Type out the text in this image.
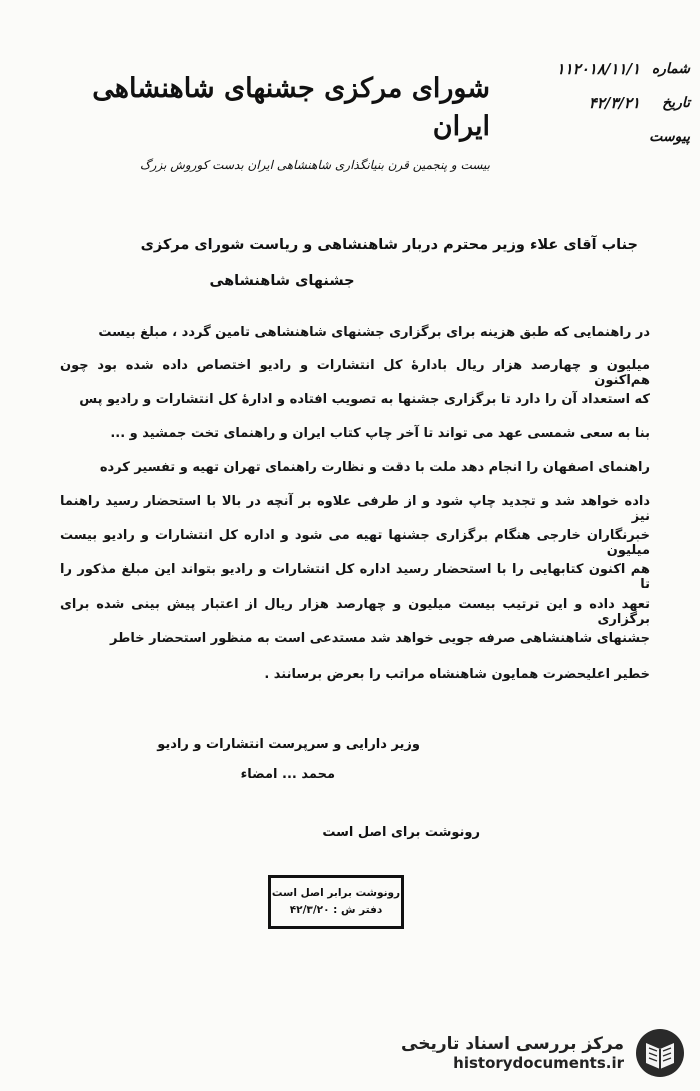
شورای مرکزی جشنهای شاهنشاهی ایران
بیست و پنجمین قرن بنیانگذاری شاهنشاهی ایران بدست کوروش بزرگ
شماره
۱۱۲۰۱۸/۱۱/۱
تاریخ
۴۲/۳/۲۱
پیوست
جناب آقای علاء وزیر محترم دربار شاهنشاهی و ریاست شورای مرکزی
جشنهای شاهنشاهی
در راهنمایی که طبق هزینه برای برگزاری جشنهای شاهنشاهی تامین گردد ، مبلغ بیست
میلیون و چهارصد هزار ریال بادارهٔ کل انتشارات و رادیو اختصاص داده شده بود چون هم‌اکنون
که استعداد آن را دارد تا برگزاری جشنها به تصویب افتاده و ادارهٔ کل انتشارات و رادیو پس
بنا به سعی شمسی عهد می‌ تواند تا آخر چاپ کتاب ایران و راهنمای تخت جمشید و ...
راهنمای اصفهان را انجام دهد ملت با دقت و نظارت راهنمای تهران تهیه و تفسیر کرده
داده خواهد شد و تجدید چاپ شود و از طرفی علاوه بر آنچه در بالا با استحضار رسید راهنما نیز
خبرنگاران خارجی هنگام برگزاری جشنها تهیه می‌ شود و اداره کل انتشارات و رادیو بیست میلیون
هم اکنون کتابهایی را با استحضار رسید اداره کل انتشارات و رادیو بتواند این مبلغ مذکور را تا
تعهد داده و این ترتیب بیست میلیون و چهارصد هزار ریال از اعتبار پیش‌ بینی شده برای برگزاری
جشنهای شاهنشاهی صرفه‌ جویی خواهد شد مستدعی است به منظور استحضار خاطر
خطیر اعلیحضرت همایون شاهنشاه مراتب را بعرض برسانند .
وزیر دارایی و سرپرست انتشارات و رادیو
محمد ... امضاء
رونوشت برای اصل است
رونوشت برابر اصل است
دفتر ش : ۴۲/۳/۲۰
مرکز بررسی اسناد تاریخی
historydocuments.ir
